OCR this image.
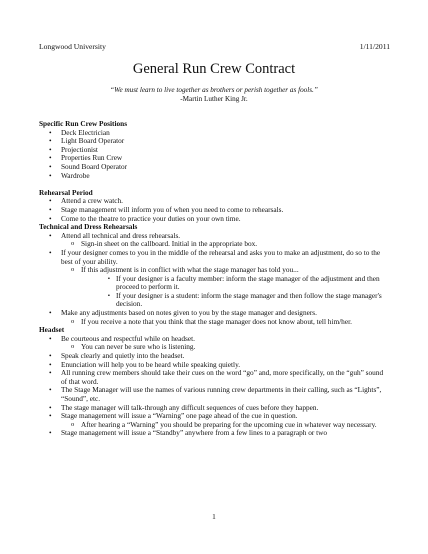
Longwood University	1/11/2011
General Run Crew Contract
“We must learn to live together as brothers or perish together as fools.”
-Martin Luther King Jr.
Specific Run Crew Positions
• Deck Electrician
• Light Board Operator
• Projectionist
• Properties Run Crew
• Sound Board Operator
• Wardrobe
Rehearsal Period
• Attend a crew watch.
• Stage management will inform you of when you need to come to rehearsals.
• Come to the theatre to practice your duties on your own time.
Technical and Dress Rehearsals
• Attend all technical and dress rehearsals.
o Sign-in sheet on the callboard. Initial in the appropriate box.
• If your designer comes to you in the middle of the rehearsal and asks you to make an adjustment, do so to the best of your ability.
o If this adjustment is in conflict with what the stage manager has told you...
▪ If your designer is a faculty member: inform the stage manager of the adjustment and then proceed to perform it.
▪ If your designer is a student: inform the stage manager and then follow the stage manager's decision.
• Make any adjustments based on notes given to you by the stage manager and designers.
o If you receive a note that you think that the stage manager does not know about, tell him/her.
Headset
• Be courteous and respectful while on headset.
o You can never be sure who is listening.
• Speak clearly and quietly into the headset.
• Enunciation will help you to be heard while speaking quietly.
• All running crew members should take their cues on the word “go” and, more specifically, on the “guh” sound of that word.
• The Stage Manager will use the names of various running crew departments in their calling, such as “Lights”, “Sound”, etc.
• The stage manager will talk-through any difficult sequences of cues before they happen.
• Stage management will issue a “Warning” one page ahead of the cue in question.
o After hearing a “Warning” you should be preparing for the upcoming cue in whatever way necessary.
• Stage management will issue a “Standby” anywhere from a few lines to a paragraph or two
1
